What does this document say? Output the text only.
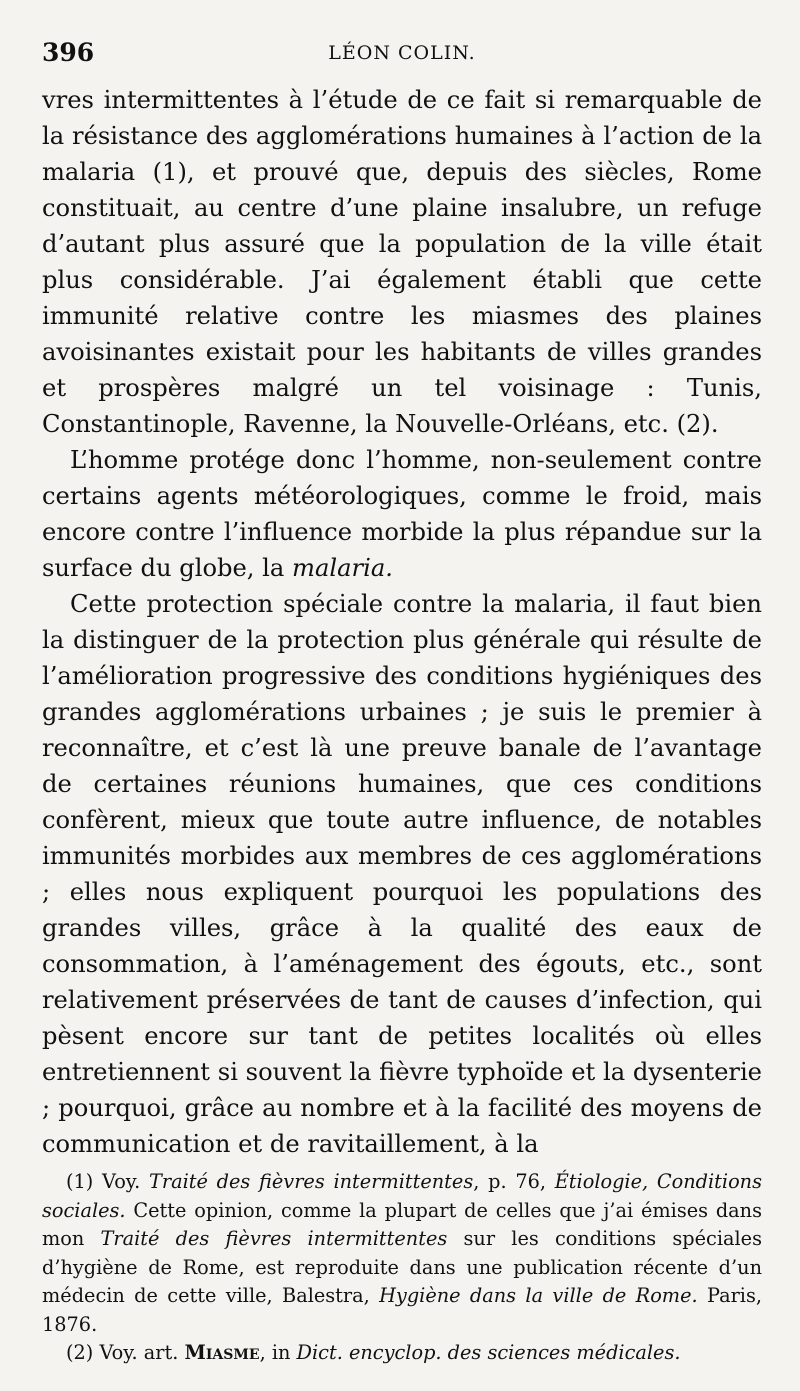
396	LÉON COLIN.

vres intermittentes à l’étude de ce fait si remarquable de la résistance des agglomérations humaines à l’action de la malaria (1), et prouvé que, depuis des siècles, Rome constituait, au centre d’une plaine insalubre, un refuge d’autant plus assuré que la population de la ville était plus considérable. J’ai également établi que cette immunité relative contre les miasmes des plaines avoisinantes existait pour les habitants de villes grandes et prospères malgré un tel voisinage : Tunis, Constantinople, Ravenne, la Nouvelle-Orléans, etc. (2).

L’homme protége donc l’homme, non-seulement contre certains agents météorologiques, comme le froid, mais encore contre l’influence morbide la plus répandue sur la surface du globe, la malaria.

Cette protection spéciale contre la malaria, il faut bien la distinguer de la protection plus générale qui résulte de l’amélioration progressive des conditions hygiéniques des grandes agglomérations urbaines ; je suis le premier à reconnaître, et c’est là une preuve banale de l’avantage de certaines réunions humaines, que ces conditions confèrent, mieux que toute autre influence, de notables immunités morbides aux membres de ces agglomérations ; elles nous expliquent pourquoi les populations des grandes villes, grâce à la qualité des eaux de consommation, à l’aménagement des égouts, etc., sont relativement préservées de tant de causes d’infection, qui pèsent encore sur tant de petites localités où elles entretiennent si souvent la fièvre typhoïde et la dysenterie ; pourquoi, grâce au nombre et à la facilité des moyens de communication et de ravitaillement, à la

(1) Voy. Traité des fièvres intermittentes, p. 76, Étiologie, Conditions sociales. Cette opinion, comme la plupart de celles que j’ai émises dans mon Traité des fièvres intermittentes sur les conditions spéciales d’hygiène de Rome, est reproduite dans une publication récente d’un médecin de cette ville, Balestra, Hygiène dans la ville de Rome. Paris, 1876.

(2) Voy. art. Miasme, in Dict. encyclop. des sciences médicales.
